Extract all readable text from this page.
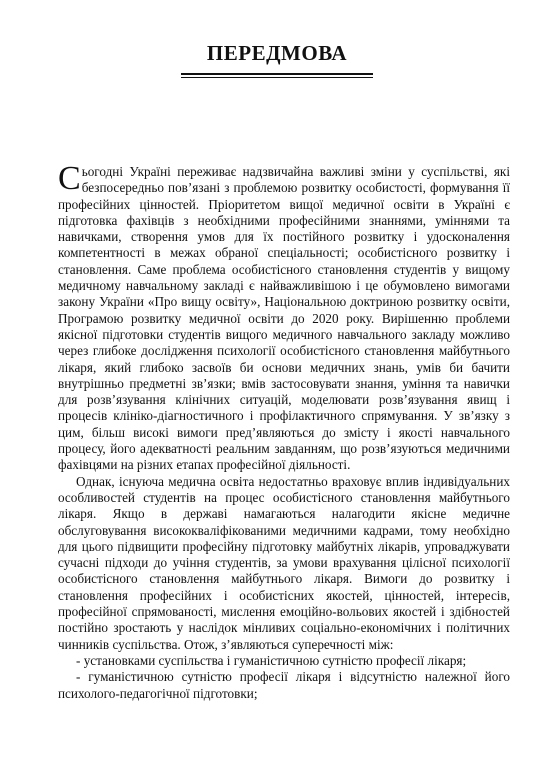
ПЕРЕДМОВА

Сьогодні Україні переживає надзвичайна важливі зміни у суспільстві, які безпосередньо пов’язані з проблемою розвитку особистості, формування її професійних цінностей. Пріоритетом вищої медичної освіти в Україні є підготовка фахівців з необхідними професійними знаннями, уміннями та навичками, створення умов для їх постійного розвитку і удосконалення компетентності в межах обраної спеціальності; особистісного розвитку і становлення. Саме проблема особистісного становлення студентів у вищому медичному навчальному закладі є найважливішою і це обумовлено вимогами закону України «Про вищу освіту», Національною доктриною розвитку освіти, Програмою розвитку медичної освіти до 2020 року. Вирішенню проблеми якісної підготовки студентів вищого медичного навчального закладу можливо через глибоке дослідження психології особистісного становлення майбутнього лікаря, який глибоко засвоїв би основи медичних знань, умів би бачити внутрішньо предметні зв’язки; вмів застосовувати знання, уміння та навички для розв’язування клінічних ситуацій, моделювати розв’язування явищ і процесів клініко-діагностичного і профілактичного спрямування. У зв’язку з цим, більш високі вимоги пред’являються до змісту і якості навчального процесу, його адекватності реальним завданням, що розв’язуються медичними фахівцями на різних етапах професійної діяльності.

Однак, існуюча медична освіта недостатньо враховує вплив індивідуальних особливостей студентів на процес особистісного становлення майбутнього лікаря. Якщо в державі намагаються налагодити якісне медичне обслуговування висококваліфікованими медичними кадрами, тому необхідно для цього підвищити професійну підготовку майбутніх лікарів, упроваджувати сучасні підходи до учіння студентів, за умови врахування цілісної психології особистісного становлення майбутнього лікаря. Вимоги до розвитку і становлення професійних і особистісних якостей, цінностей, інтересів, професійної спрямованості, мислення емоційно-вольових якостей і здібностей постійно зростають у наслідок мінливих соціально-економічних і політичних чинників суспільства. Отож, з’являються суперечності між:

- установками суспільства і гуманістичною сутністю професії лікаря;

- гуманістичною сутністю професії лікаря і відсутністю належної його психолого-педагогічної підготовки;
